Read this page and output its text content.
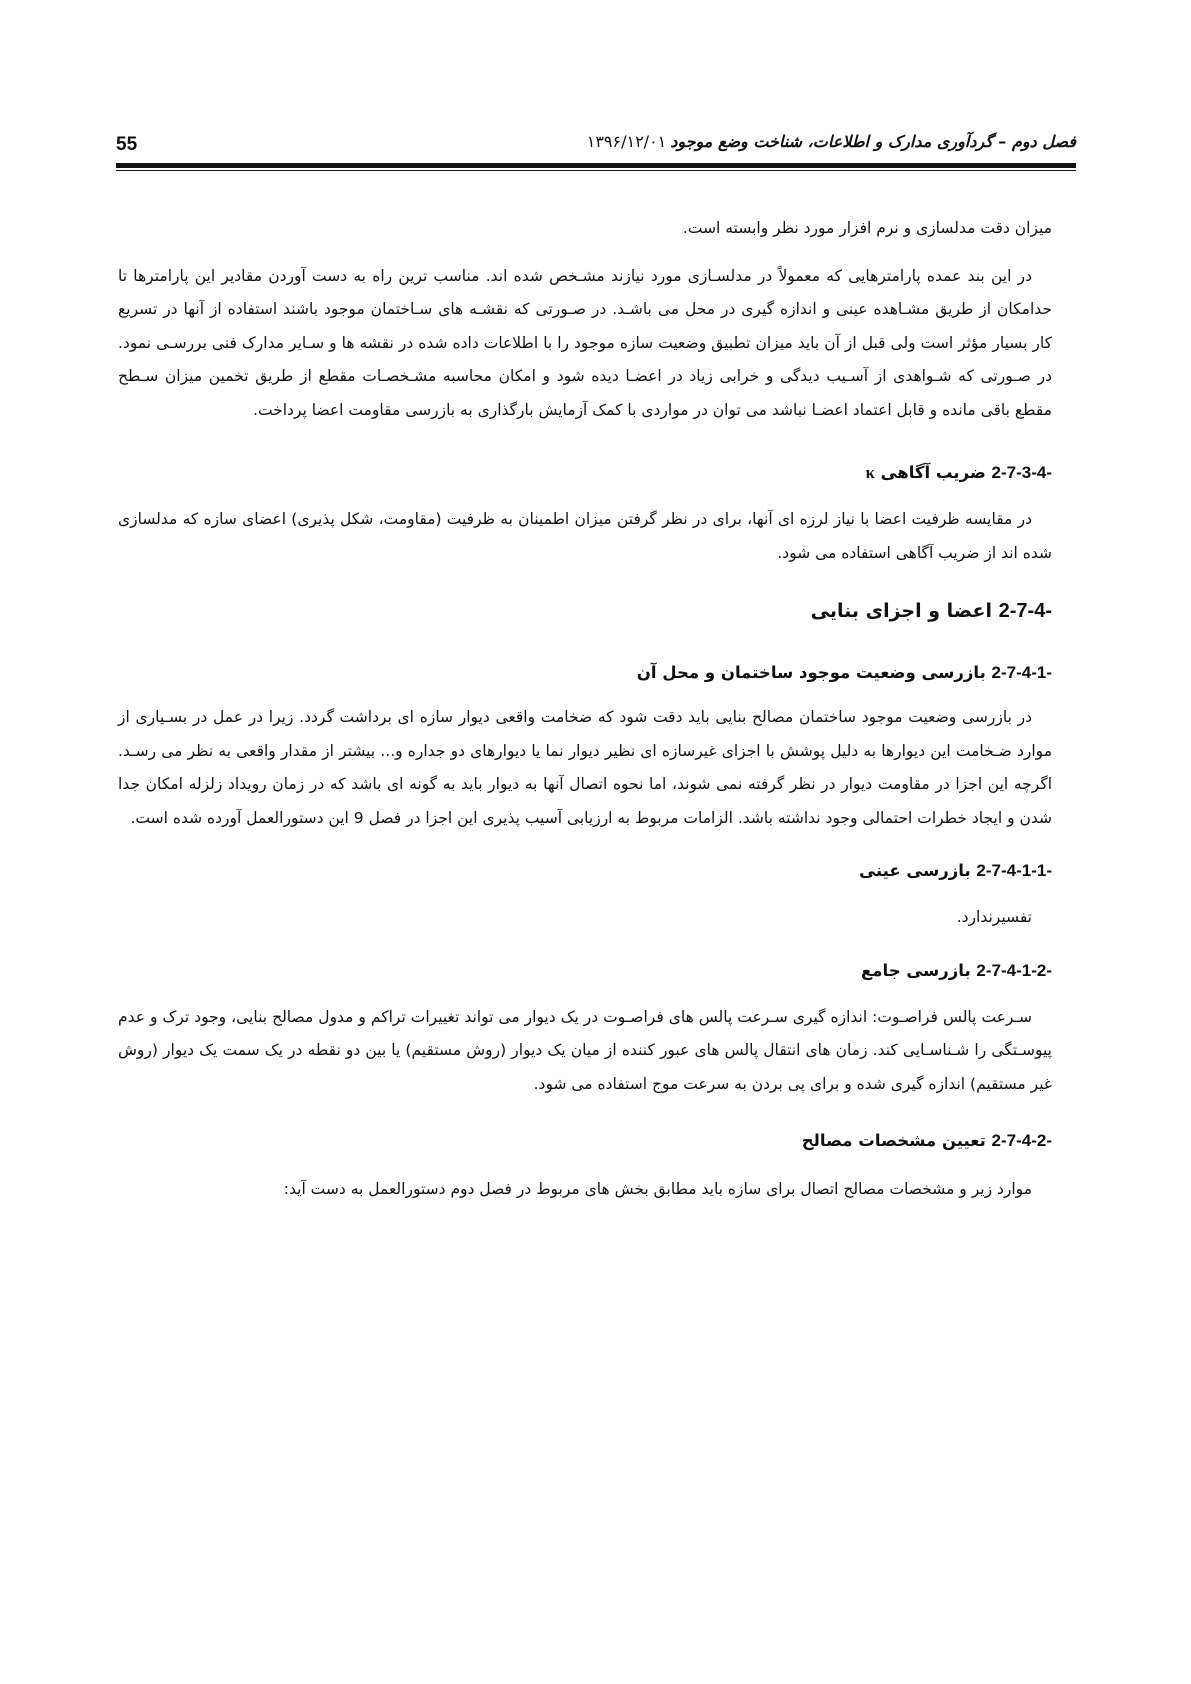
فصل دوم – گردآوری مدارک و اطلاعات، شناخت وضع موجود۱۳۹۶/۱۲/۰۱
55

میزان دقت مدلسازی و نرم افزار مورد نظر وابسته است.

در این بند عمده پارامترهایی که معمولاً در مدلسـازی مورد نیازند مشـخص شده اند. مناسب ترین راه به دست آوردن مقادیر این پارامترها تا حدامکان از طریق مشـاهده عینی و اندازه گیری در محل می باشـد. در صـورتی که نقشـه های سـاختمان موجود باشند استفاده از آنها در تسریع کار بسیار مؤثر است ولی قبل از آن باید میزان تطبیق وضعیت سازه موجود را با اطلاعات داده شده در نقشه ها و سـایر مدارک فنی بررسـی نمود. در صـورتی که شـواهدی از آسـیب دیدگی و خرابی زیاد در اعضـا دیده شود و امکان محاسبه مشـخصـات مقطع از طریق تخمین میزان سـطح مقطع باقی مانده و قابل اعتماد اعضـا نباشد می توان در مواردی با کمک آزمایش بارگذاری به بازرسی مقاومت اعضا پرداخت.

2-7-3-4- ضریب آگاهی κ

در مقایسه ظرفیت اعضا با نیاز لرزه ای آنها، برای در نظر گرفتن میزان اطمینان به ظرفیت (مقاومت، شکل پذیری) اعضای سازه که مدلسازی شده اند از ضریب آگاهی استفاده می شود.

2-7-4- اعضا و اجزای بنایی
2-7-4-1- بازرسی وضعیت موجود ساختمان و محل آن

در بازرسی وضعیت موجود ساختمان مصالح بنایی باید دقت شود که ضخامت واقعی دیوار سازه ای برداشت گردد. زیرا در عمل در بسـیاری از موارد ضـخامت این دیوارها به دلیل پوشش با اجزای غیرسازه ای نظیر دیوار نما یا دیوارهای دو جداره و... بیشتر از مقدار واقعی به نظر می رسـد. اگرچه این اجزا در مقاومت دیوار در نظر گرفته نمی شوند، اما نحوه اتصال آنها به دیوار باید به گونه ای باشد که در زمان رویداد زلزله امکان جدا شدن و ایجاد خطرات احتمالی وجود نداشته باشد. الزامات مربوط به ارزیابی آسیب پذیری این اجزا در فصل 9 این دستورالعمل آورده شده است.

2-7-4-1-1- بازرسی عینی

تفسیرندارد.

2-7-4-1-2- بازرسی جامع

سـرعت پالس فراصـوت: اندازه گیری سـرعت پالس های فراصـوت در یک دیوار می تواند تغییرات تراکم و مدول مصالح بنایی، وجود ترک و عدم پیوسـتگی را شـناسـایی کند. زمان های انتقال پالس های عبور کننده از میان یک دیوار (روش مستقیم) یا بین دو نقطه در یک سمت یک دیوار (روش غیر مستقیم) اندازه گیری شده و برای پی بردن به سرعت موج استفاده می شود.

2-7-4-2- تعیین مشخصات مصالح

موارد زیر و مشخصات مصالح اتصال برای سازه باید مطابق بخش های مربوط در فصل دوم دستورالعمل به دست آید:
